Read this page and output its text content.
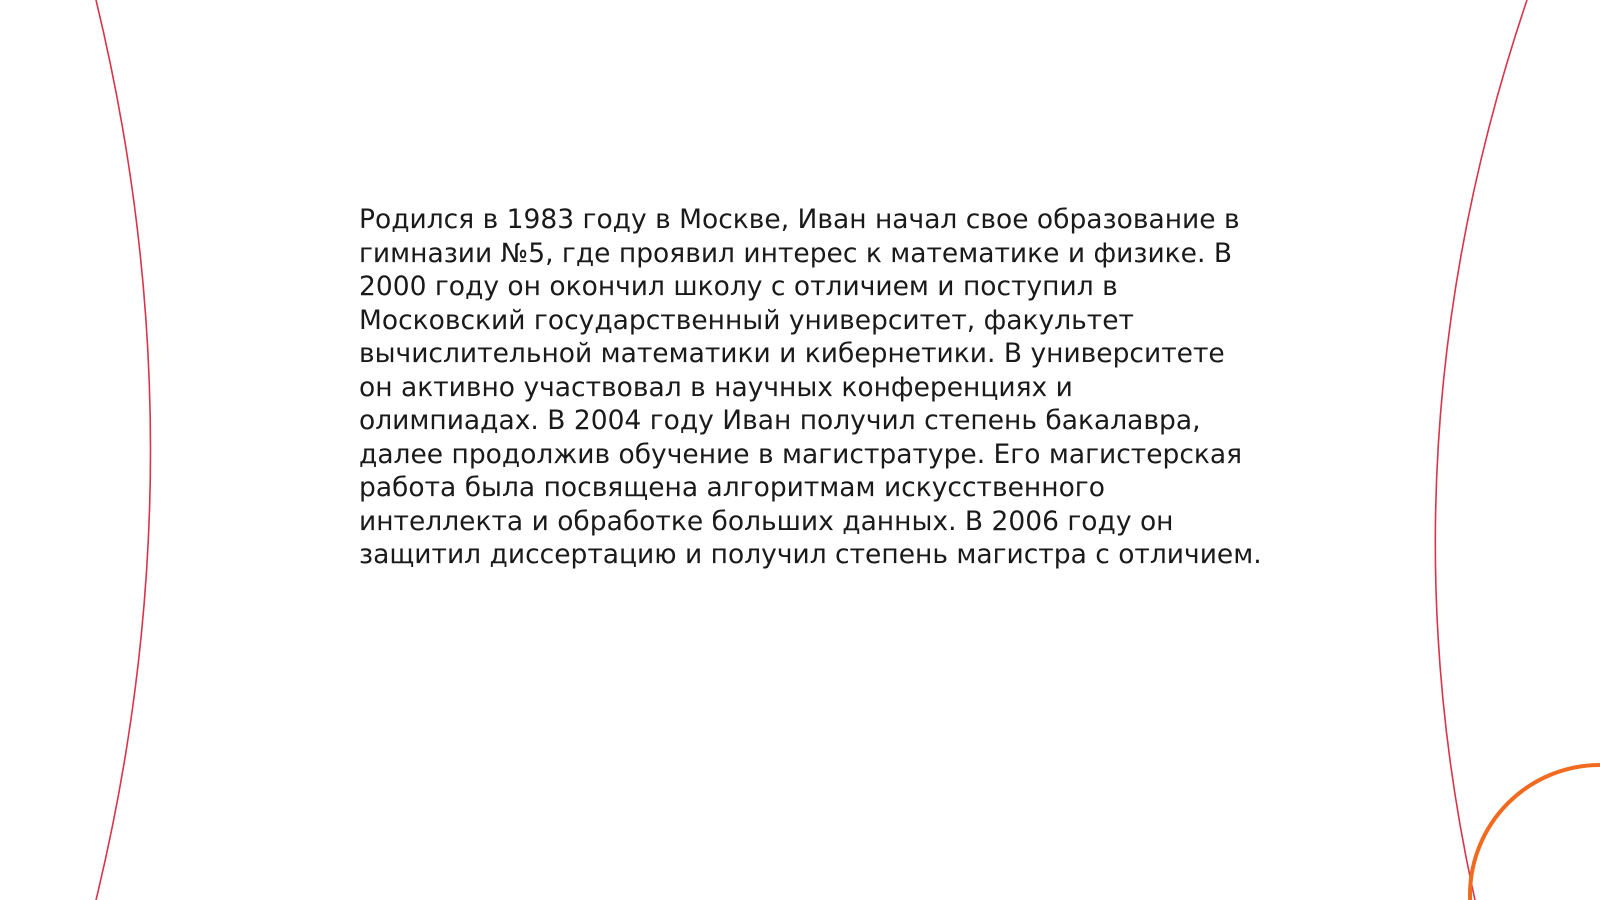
Родился в 1983 году в Москве, Иван начал свое образование в
гимназии №5, где проявил интерес к математике и физике. В
2000 году он окончил школу с отличием и поступил в
Московский государственный университет, факультет
вычислительной математики и кибернетики. В университете
он активно участвовал в научных конференциях и
олимпиадах. В 2004 году Иван получил степень бакалавра,
далее продолжив обучение в магистратуре. Его магистерская
работа была посвящена алгоритмам искусственного
интеллекта и обработке больших данных. В 2006 году он
защитил диссертацию и получил степень магистра с отличием.
